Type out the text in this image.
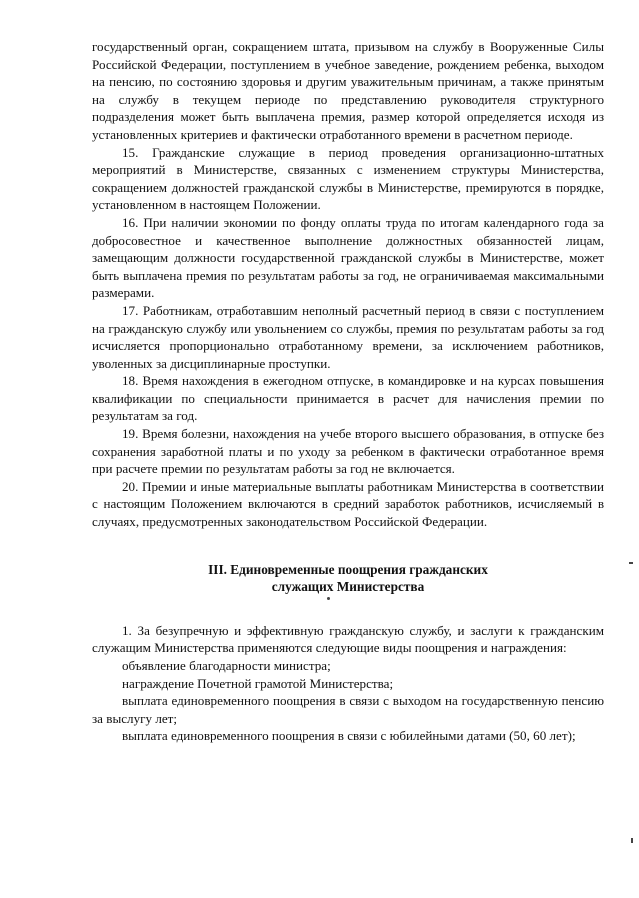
государственный орган, сокращением штата, призывом на службу в Вооруженные Силы Российской Федерации, поступлением в учебное заведение, рождением ребенка, выходом на пенсию, по состоянию здоровья и другим уважительным причинам, а также принятым на службу в текущем периоде по представлению руководителя структурного подразделения может быть выплачена премия, размер которой определяется исходя из установленных критериев и фактически отработанного времени в расчетном периоде.

15. Гражданские служащие в период проведения организационно-штатных мероприятий в Министерстве, связанных с изменением структуры Министерства, сокращением должностей гражданской службы в Министерстве, премируются в порядке, установленном в настоящем Положении.

16. При наличии экономии по фонду оплаты труда по итогам календарного года за добросовестное и качественное выполнение должностных обязанностей лицам, замещающим должности государственной гражданской службы в Министерстве, может быть выплачена премия по результатам работы за год, не ограничиваемая максимальными размерами.

17. Работникам, отработавшим неполный расчетный период в связи с поступлением на гражданскую службу или увольнением со службы, премия по результатам работы за год исчисляется пропорционально отработанному времени, за исключением работников, уволенных за дисциплинарные проступки.

18. Время нахождения в ежегодном отпуске, в командировке и на курсах повышения квалификации по специальности принимается в расчет для начисления премии по результатам за год.

19. Время болезни, нахождения на учебе второго высшего образования, в отпуске без сохранения заработной платы и по уходу за ребенком в фактически отработанное время при расчете премии по результатам работы за год не включается.

20. Премии и иные материальные выплаты работникам Министерства в соответствии с настоящим Положением включаются в средний заработок работников, исчисляемый в случаях, предусмотренных законодательством Российской Федерации.

III. Единовременные поощрения гражданских
служащих Министерства

1. За безупречную и эффективную гражданскую службу, и заслуги к гражданским служащим Министерства применяются следующие виды поощрения и награждения:

объявление благодарности министра;

награждение Почетной грамотой Министерства;

выплата единовременного поощрения в связи с выходом на государственную пенсию за выслугу лет;

выплата единовременного поощрения в связи с юбилейными датами (50, 60 лет);
